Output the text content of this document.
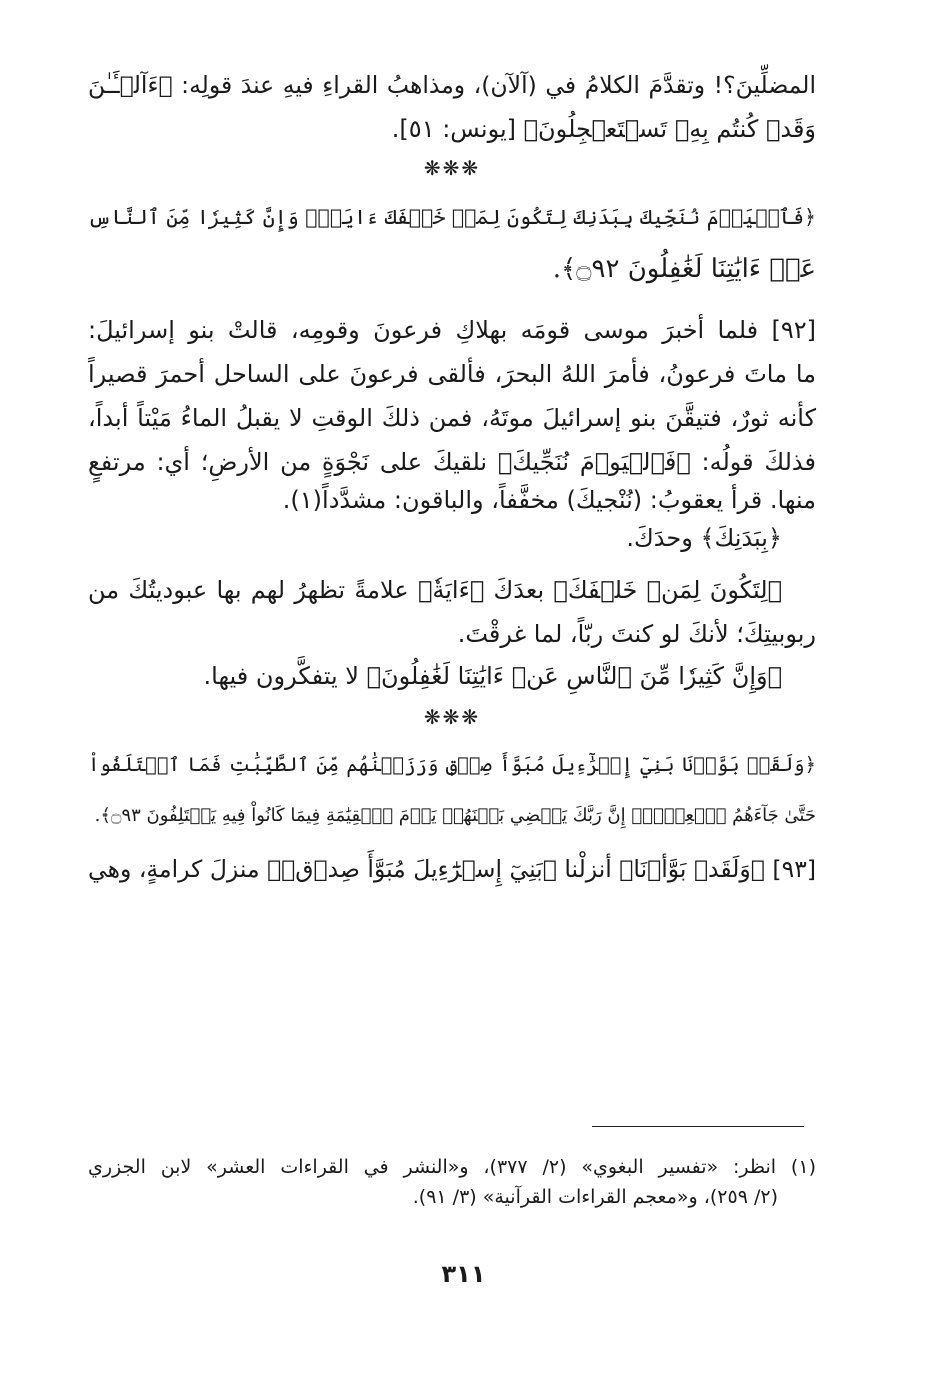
المضلِّينَ؟! وتقدَّمَ الكلامُ في (آلآن)، ومذاهبُ القراءِ فيهِ عندَ قولِه: ﴿ءَآلۡـَٔـٰنَ

وَقَدۡ كُنتُم بِهِۦ تَسۡتَعۡجِلُونَ﴾ [يونس: ٥١].

❋❋❋

﴿فَٱلۡيَوۡمَ نُنَجِّيكَ بِبَدَنِكَ لِتَكُونَ لِمَنۡ خَلۡفَكَ ءَايَةٗۚ وَإِنَّ كَثِيرٗا مِّنَ ٱلنَّاسِ

عَنۡ ءَايَٰتِنَا لَغَٰفِلُونَ ۝٩٢﴾.

[٩٢] فلما أخبرَ موسى قومَه بهلاكِ فرعونَ وقومِه، قالتْ بنو إسرائيلَ:

ما ماتَ فرعونُ، فأمرَ اللهُ البحرَ، فألقى فرعونَ على الساحل أحمرَ قصيراً

كأنه ثورٌ، فتيقَّنَ بنو إسرائيلَ موتَهُ، فمن ذلكَ الوقتِ لا يقبلُ الماءُ مَيْتاً أبداً،

فذلكَ قولُه: ﴿فَٱلۡيَوۡمَ نُنَجِّيكَ﴾ نلقيكَ على نَجْوَةٍ من الأرضِ؛ أي: مرتفعٍ

منها. قرأ يعقوبُ: (نُنْجيكَ) مخفَّفاً، والباقون: مشدَّداً(١).

﴿بِبَدَنِكَ﴾ وحدَكَ.

﴿لِتَكُونَ لِمَنۡ خَلۡفَكَ﴾ بعدَكَ ﴿ءَايَةٗ﴾ علامةً تظهرُ لهم بها عبوديتُكَ من

ربوبيتِكَ؛ لأنكَ لو كنتَ ربّاً، لما غرقْتَ.

﴿وَإِنَّ كَثِيرٗا مِّنَ ٱلنَّاسِ عَنۡ ءَايَٰتِنَا لَغَٰفِلُونَ﴾ لا يتفكَّرون فيها.

❋❋❋

﴿وَلَقَدۡ بَوَّأۡنَا بَنِيٓ إِسۡرَٰٓءِيلَ مُبَوَّأَ صِدۡقٖ وَرَزَقۡنَٰهُم مِّنَ ٱلطَّيِّبَٰتِ فَمَا ٱخۡتَلَفُواْ

حَتَّىٰ جَآءَهُمُ ٱلۡعِلۡمُۚ إِنَّ رَبَّكَ يَقۡضِي بَيۡنَهُمۡ يَوۡمَ ٱلۡقِيَٰمَةِ فِيمَا كَانُواْ فِيهِ يَخۡتَلِفُونَ ۝٩٣﴾.

[٩٣] ﴿وَلَقَدۡ بَوَّأۡنَا﴾ أنزلْنا ﴿بَنِيٓ إِسۡرَٰٓءِيلَ مُبَوَّأَ صِدۡقٖ﴾ منزلَ كرامةٍ، وهي

(١) انظر: «تفسير البغوي» (٢/ ٣٧٧)، و«النشر في القراءات العشر» لابن الجزري

(٢/ ٢٥٩)، و«معجم القراءات القرآنية» (٣/ ٩١).

٣١١
